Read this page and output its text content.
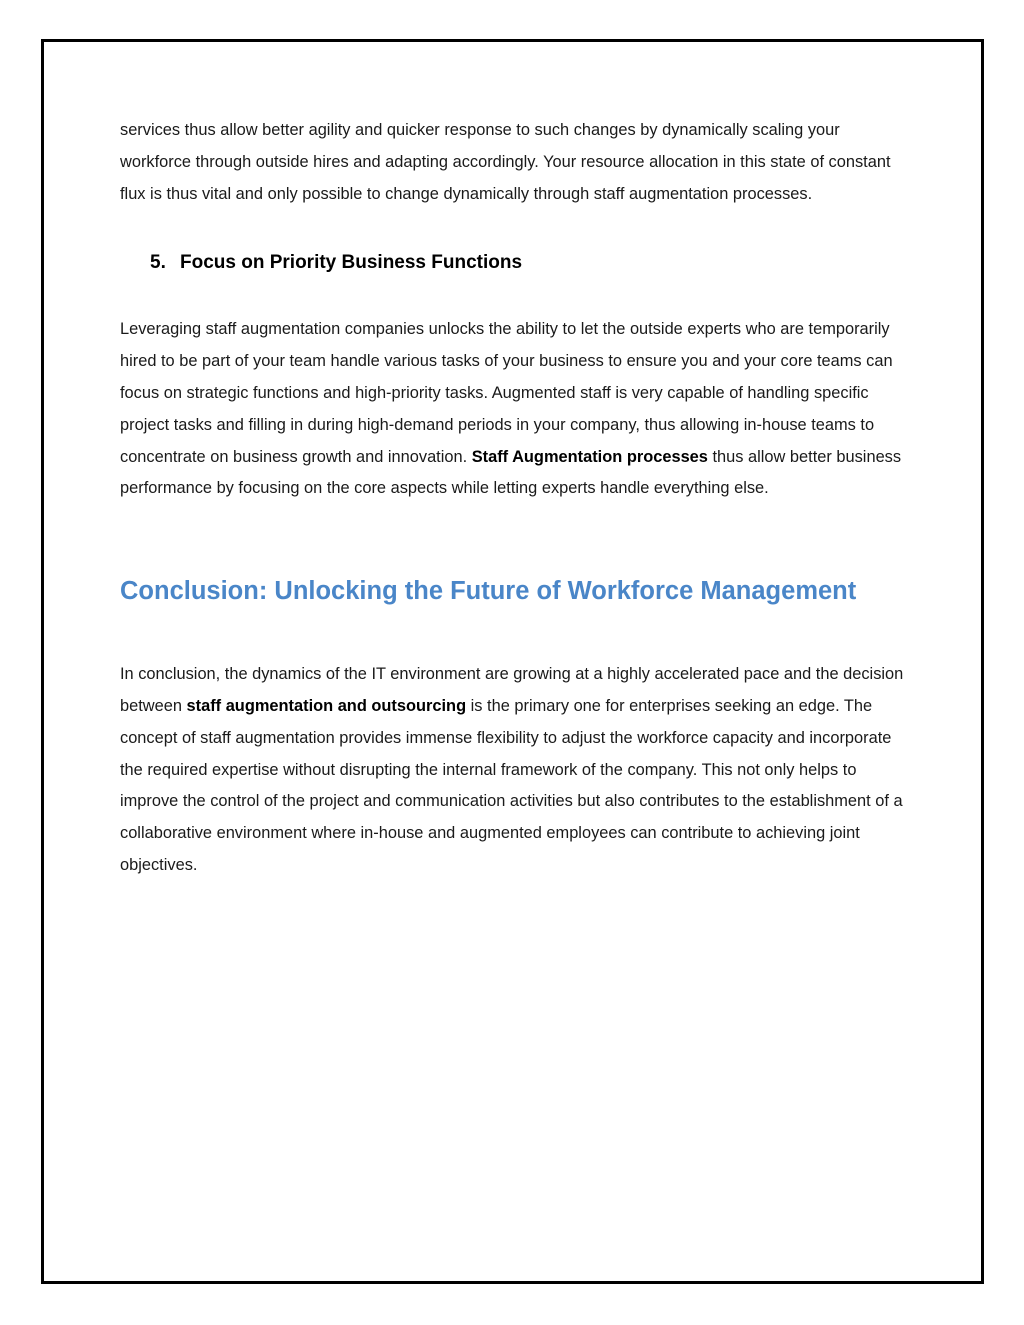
services thus allow better agility and quicker response to such changes by dynamically scaling your workforce through outside hires and adapting accordingly. Your resource allocation in this state of constant flux is thus vital and only possible to change dynamically through staff augmentation processes.

5. Focus on Priority Business Functions

Leveraging staff augmentation companies unlocks the ability to let the outside experts who are temporarily hired to be part of your team handle various tasks of your business to ensure you and your core teams can focus on strategic functions and high-priority tasks. Augmented staff is very capable of handling specific project tasks and filling in during high-demand periods in your company, thus allowing in-house teams to concentrate on business growth and innovation. Staff Augmentation processes thus allow better business performance by focusing on the core aspects while letting experts handle everything else.

Conclusion: Unlocking the Future of Workforce Management

In conclusion, the dynamics of the IT environment are growing at a highly accelerated pace and the decision between staff augmentation and outsourcing is the primary one for enterprises seeking an edge. The concept of staff augmentation provides immense flexibility to adjust the workforce capacity and incorporate the required expertise without disrupting the internal framework of the company. This not only helps to improve the control of the project and communication activities but also contributes to the establishment of a collaborative environment where in-house and augmented employees can contribute to achieving joint objectives.
